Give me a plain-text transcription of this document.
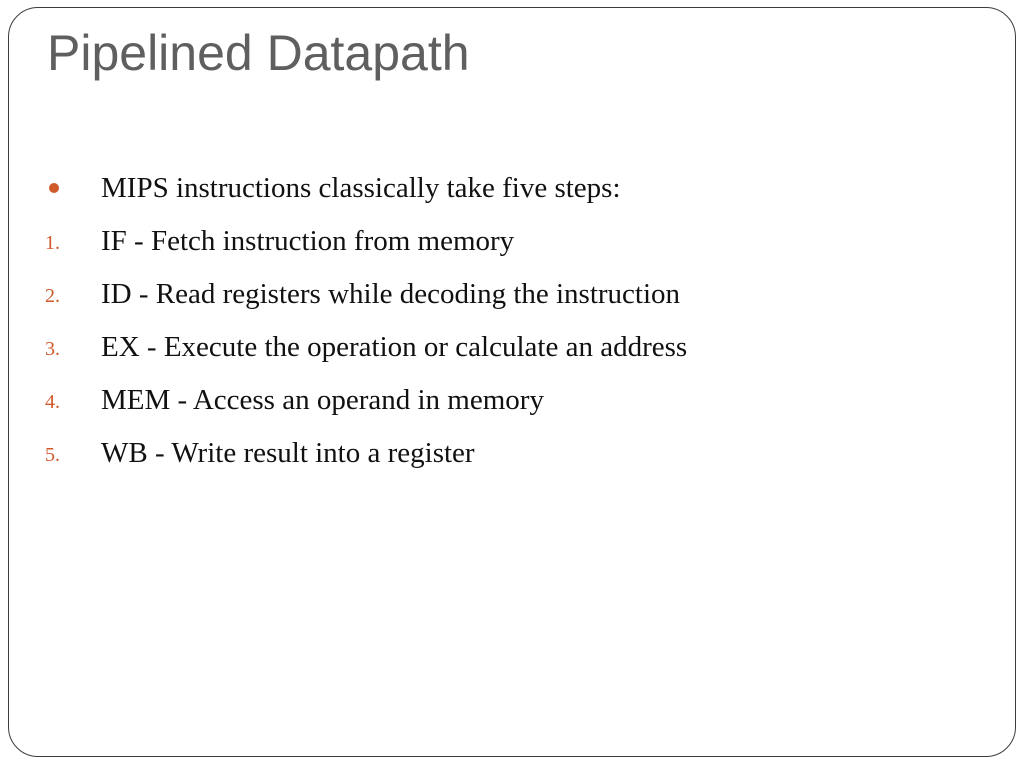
Pipelined Datapath
MIPS instructions classically take five steps:
1.	IF - Fetch instruction from memory
2.	ID - Read registers while decoding the instruction
3.	EX - Execute the operation or calculate an address
4.	MEM - Access an operand in memory
5.	WB - Write result into a register
